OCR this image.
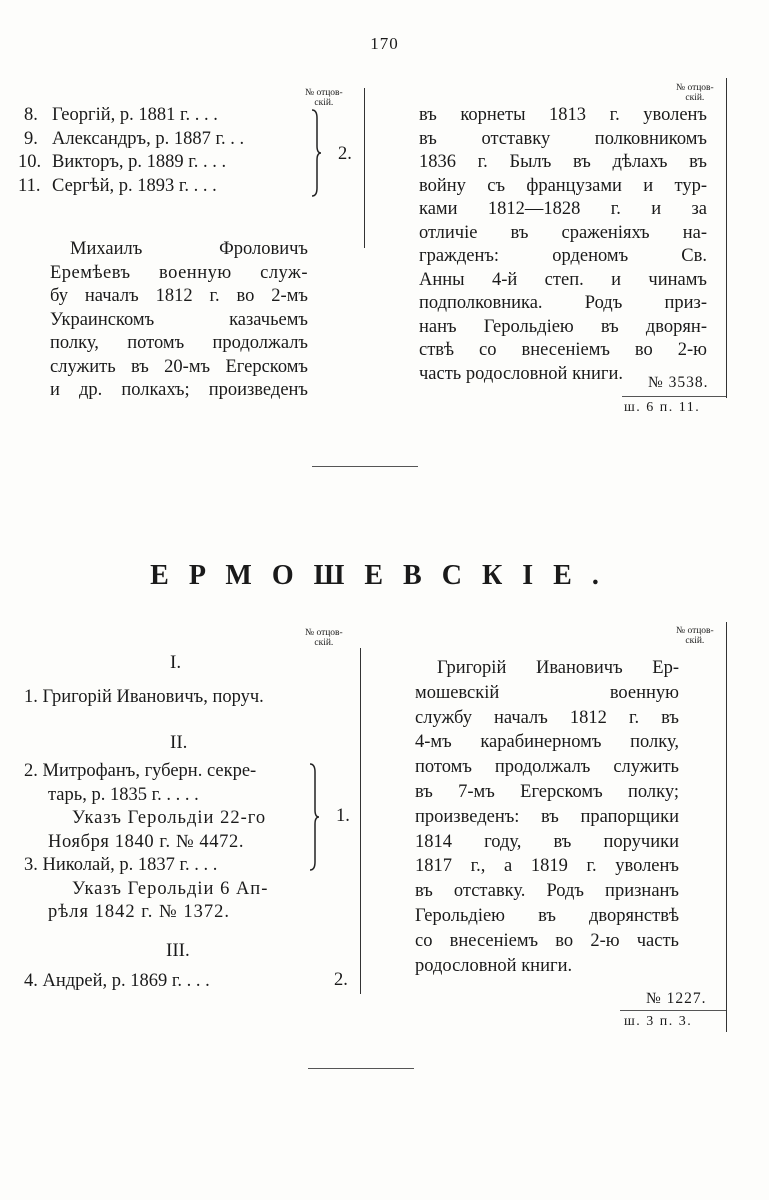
170
№ отцов-
скій.
8. Георгій, р. 1881 г. . . .
9. Александръ, р. 1887 г. . .
10. Викторъ, р. 1889 г. . . .
11. Сергѣй, р. 1893 г. . . .
2.
Михаилъ Фроловичъ
Еремѣевъ военную служ-
бу началъ 1812 г. во 2-мъ
Украинскомъ казачьемъ
полку, потомъ продолжалъ
служить въ 20-мъ Егерскомъ
и др. полкахъ; произведенъ
№ отцов-
скій.
въ корнеты 1813 г. уволенъ
въ отставку полковникомъ
1836 г. Былъ въ дѣлахъ въ
войну съ французами и тур-
ками 1812—1828 г. и за
отличіе въ сраженіяхъ на-
гражденъ: орденомъ Св.
Анны 4-й степ. и чинамъ
подполковника. Родъ приз-
нанъ Герольдіею въ дворян-
ствѣ со внесеніемъ во 2-ю
часть родословной книги.	№ 3538.
ш. 6 п. 11.
ЕРМОШЕВСКІЕ.
№ отцов-
скій.
I.
1. Григорій Ивановичъ, поруч.
II.
2. Митрофанъ, губерн. секре-
тарь, р. 1835 г. . . . .
Указъ Герольдіи 22-го
Ноября 1840 г. № 4472.
3. Николай, р. 1837 г. . . .
Указъ Герольдіи 6 Ап-
рѣля 1842 г. № 1372.
1.
III.
4. Андрей, р. 1869 г. . . .	2.
№ отцов-
скій.
Григорій Ивановичъ Ер-
мошевскій военную
службу началъ 1812 г. въ
4-мъ карабинерномъ полку,
потомъ продолжалъ служить
въ 7-мъ Егерскомъ полку;
произведенъ: въ прапорщики
1814 году, въ поручики
1817 г., а 1819 г. уволенъ
въ отставку. Родъ признанъ
Герольдіею въ дворянствѣ
со внесеніемъ во 2-ю часть
родословной книги.
№ 1227.
ш. 3 п. 3.
